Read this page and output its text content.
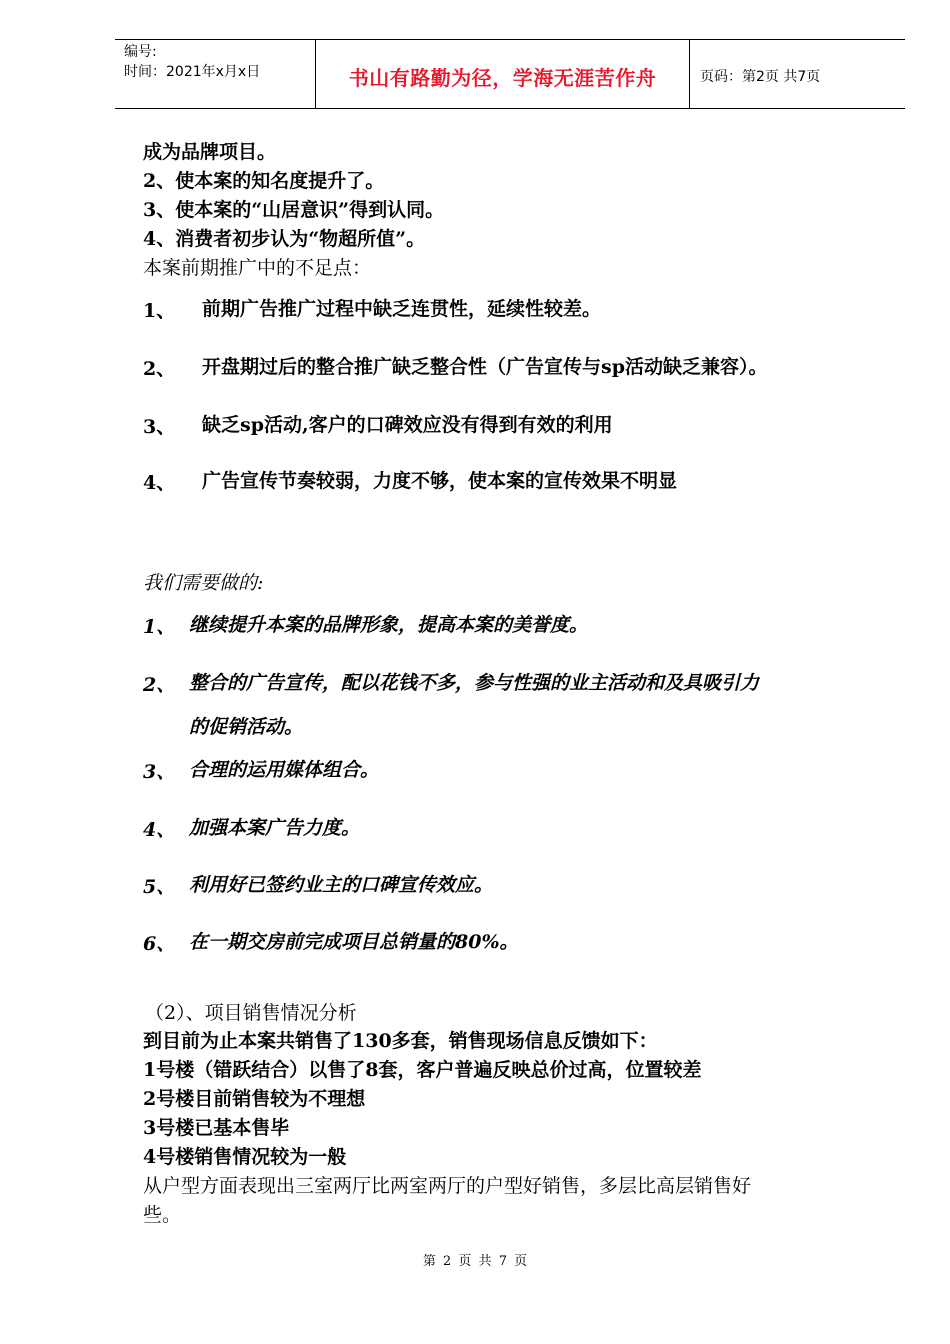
编号:
时间：2021年x月x日	书山有路勤为径，学海无涯苦作舟	页码：第2页 共7页
成为品牌项目。
2、使本案的知名度提升了。
3、使本案的“山居意识”得到认同。
4、消费者初步认为“物超所值”。
本案前期推广中的不足点：
1、 前期广告推广过程中缺乏连贯性，延续性较差。
2、 开盘期过后的整合推广缺乏整合性（广告宣传与sp活动缺乏兼容）。
3、 缺乏sp活动,客户的口碑效应没有得到有效的利用
4、 广告宣传节奏较弱，力度不够，使本案的宣传效果不明显
我们需要做的:
1、 继续提升本案的品牌形象，提高本案的美誉度。
2、 整合的广告宣传，配以花钱不多，参与性强的业主活动和及具吸引力
的促销活动。
3、 合理的运用媒体组合。
4、 加强本案广告力度。
5、 利用好已签约业主的口碑宣传效应。
6、 在一期交房前完成项目总销量的80%。
（2）、项目销售情况分析
到目前为止本案共销售了130多套，销售现场信息反馈如下：
1号楼（错跃结合）以售了8套，客户普遍反映总价过高，位置较差
2号楼目前销售较为不理想
3号楼已基本售毕
4号楼销售情况较为一般
从户型方面表现出三室两厅比两室两厅的户型好销售，多层比高层销售好
些。
第 2 页 共 7 页
